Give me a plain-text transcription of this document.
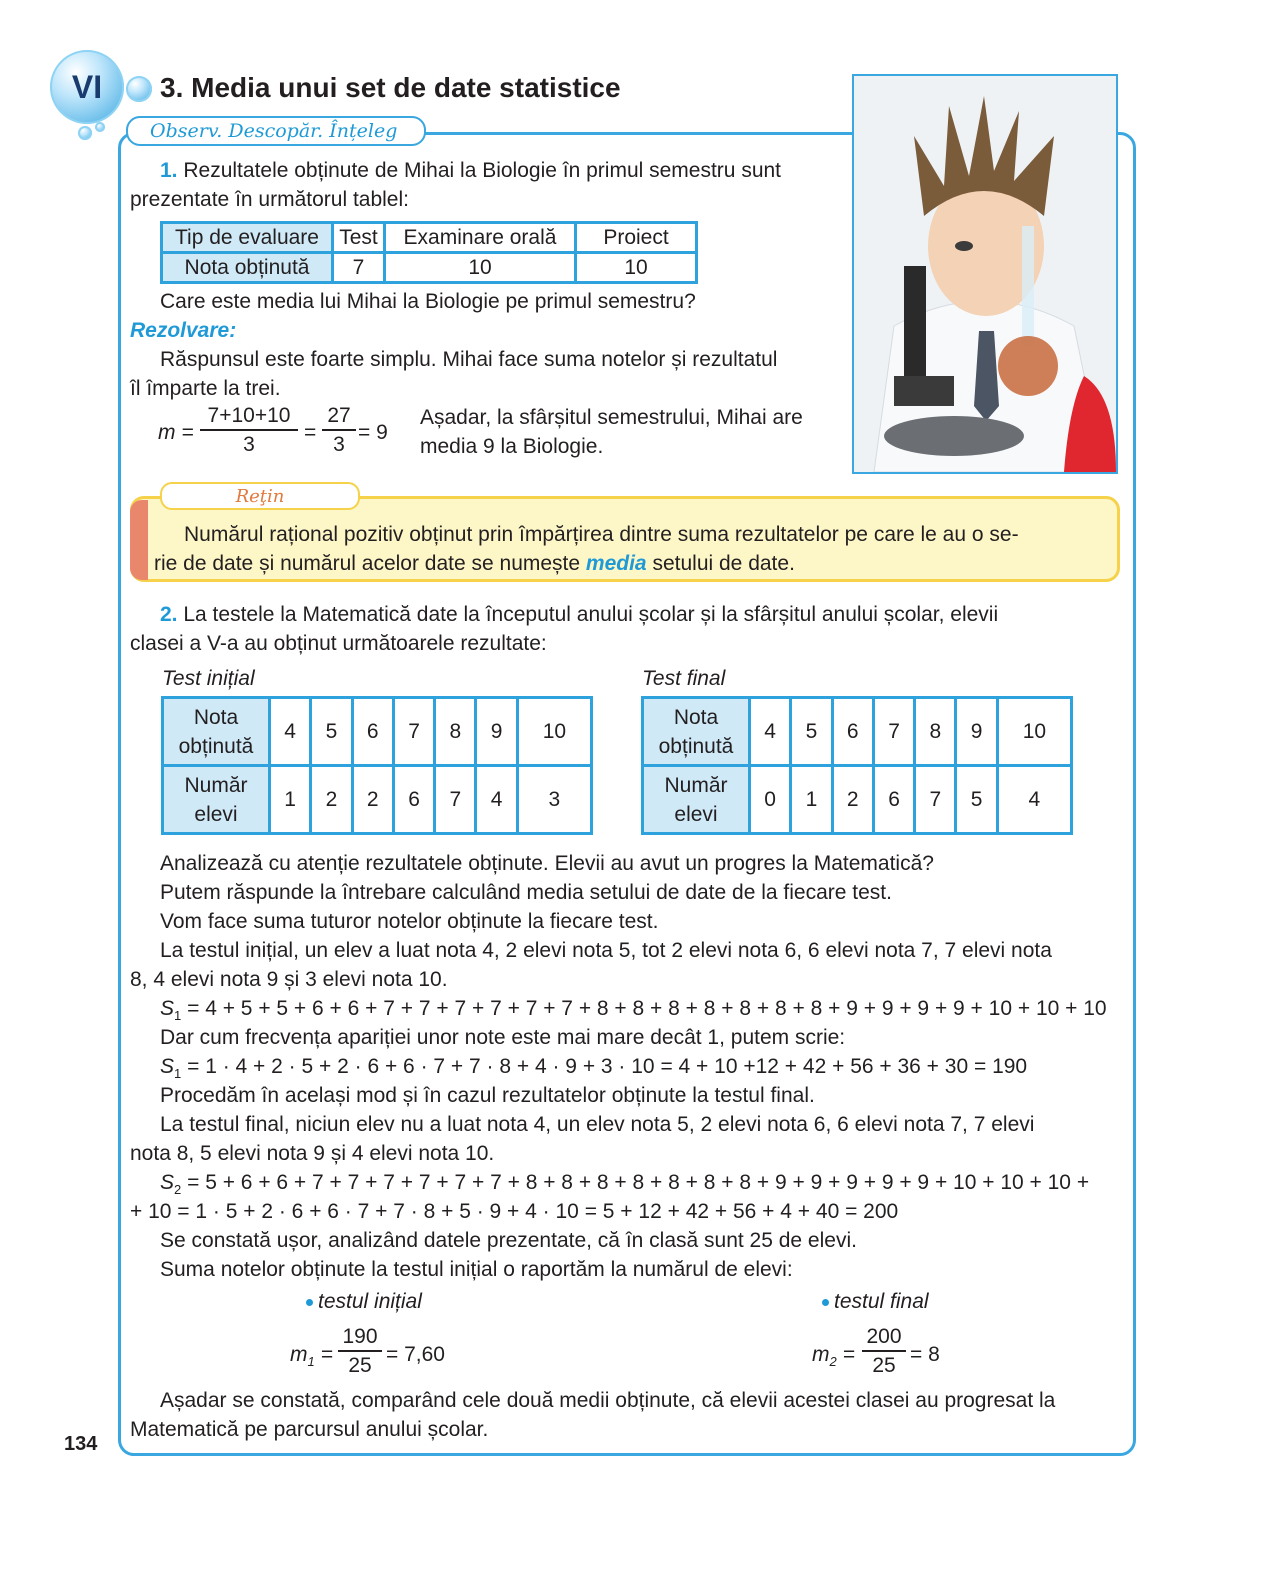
VI	3. Media unui set de date statistice
Observ. Descopăr. Înțeleg
1. Rezultatele obținute de Mihai la Biologie în primul semestru sunt
prezentate în următorul tablel:
Tip de evaluare	Test	Examinare orală	Proiect
Nota obținută	7	10	10
Care este media lui Mihai la Biologie pe primul semestru?
Rezolvare:
Răspunsul este foarte simplu. Mihai face suma notelor și rezultatul
îl împarte la trei.
$m = \frac{7+10+10}{3} = \frac{27}{3} = 9$
Așadar, la sfârșitul semestrului, Mihai are
media 9 la Biologie.
Reţin
Numărul rațional pozitiv obținut prin împărțirea dintre suma rezultatelor pe care le au o se-
rie de date și numărul acelor date se numește media setului de date.
2. La testele la Matematică date la începutul anului școlar și la sfârșitul anului școlar, elevii
clasei a V-a au obținut următoarele rezultate:
Test inițial	Test final
Nota
obținută	4	5	6	7	8	9	10

Număr
elevi	1	2	2	6	7	4	3
Nota
obținută	4	5	6	7	8	9	10

Număr
elevi	0	1	2	6	7	5	4
Analizează cu atenție rezultatele obținute. Elevii au avut un progres la Matematică?
Putem răspunde la întrebare calculând media setului de date de la fiecare test.
Vom face suma tuturor notelor obținute la fiecare test.
La testul inițial, un elev a luat nota 4, 2 elevi nota 5, tot 2 elevi nota 6, 6 elevi nota 7, 7 elevi nota
8, 4 elevi nota 9 și 3 elevi nota 10.
$S_1 = 4 + 5 + 5 + 6 + 6 + 7 + 7 + 7 + 7 + 7 + 7 + 8 + 8 + 8 + 8 + 8 + 8 + 8 + 9 + 9 + 9 + 9 + 10 + 10 + 10$
Dar cum frecvența apariției unor note este mai mare decât 1, putem scrie:
$S_1 = 1 \cdot 4 + 2 \cdot 5 + 2 \cdot 6 + 6 \cdot 7 + 7 \cdot 8 + 4 \cdot 9 + 3 \cdot 10 = 4 + 10 +12 + 42 + 56 + 36 + 30 = 190$
Procedăm în același mod și în cazul rezultatelor obținute la testul final.
La testul final, niciun elev nu a luat nota 4, un elev nota 5, 2 elevi nota 6, 6 elevi nota 7, 7 elevi
nota 8, 5 elevi nota 9 și 4 elevi nota 10.
$S_2 = 5 + 6 + 6 + 7 + 7 + 7 + 7 + 7 + 7 + 8 + 8 + 8 + 8 + 8 + 8 + 8 + 9 + 9 + 9 + 9 + 9 + 10 + 10 + 10$ +
+ 10 = 1 · 5 + 2 · 6 + 6 · 7 + 7 · 8 + 5 · 9 + 4 · 10 = 5 + 12 + 42 + 56 + 4 + 40 = 200
Se constată ușor, analizând datele prezentate, că în clasă sunt 25 de elevi.
Suma notelor obținute la testul inițial o raportăm la numărul de elevi:
testul inițial
$m_1 = \frac{190}{25} = 7,60$
testul final
$m_2 = \frac{200}{25} = 8$
Așadar se constată, comparând cele două medii obținute, că elevii acestei clasei au progresat la
Matematică pe parcursul anului școlar.
134
